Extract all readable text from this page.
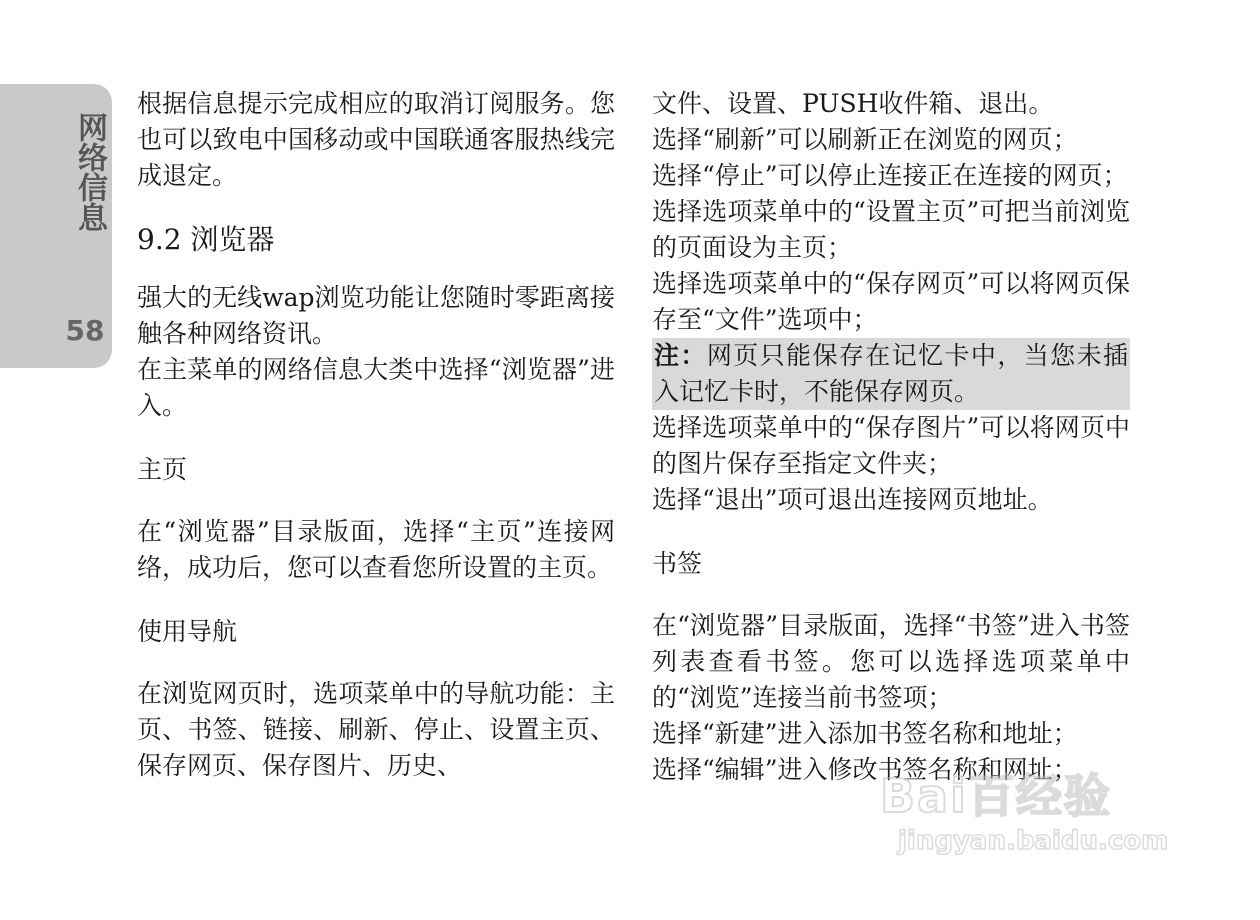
网络信息
58

根据信息提示完成相应的取消订阅服务。您也可以致电中国移动或中国联通客服热线完成退定。

9.2 浏览器

强大的无线wap浏览功能让您随时零距离接触各种网络资讯。

在主菜单的网络信息大类中选择“浏览器”进入。

主页

在“浏览器”目录版面，选择“主页”连接网络，成功后，您可以查看您所设置的主页。

使用导航

在浏览网页时，选项菜单中的导航功能：主页、书签、链接、刷新、停止、设置主页、保存网页、保存图片、历史、

文件、设置、PUSH收件箱、退出。

选择“刷新”可以刷新正在浏览的网页；

选择“停止”可以停止连接正在连接的网页；

选择选项菜单中的“设置主页”可把当前浏览的页面设为主页；

选择选项菜单中的“保存网页”可以将网页保存至“文件”选项中；

注：网页只能保存在记忆卡中，当您未插入记忆卡时，不能保存网页。

选择选项菜单中的“保存图片”可以将网页中的图片保存至指定文件夹；

选择“退出”项可退出连接网页地址。

书签

在“浏览器”目录版面，选择“书签”进入书签列表查看书签。您可以选择选项菜单中的“浏览”连接当前书签项；

选择“新建”进入添加书签名称和地址；

选择“编辑”进入修改书签名称和网址；

Bai百经验
jingyan.baidu.com
